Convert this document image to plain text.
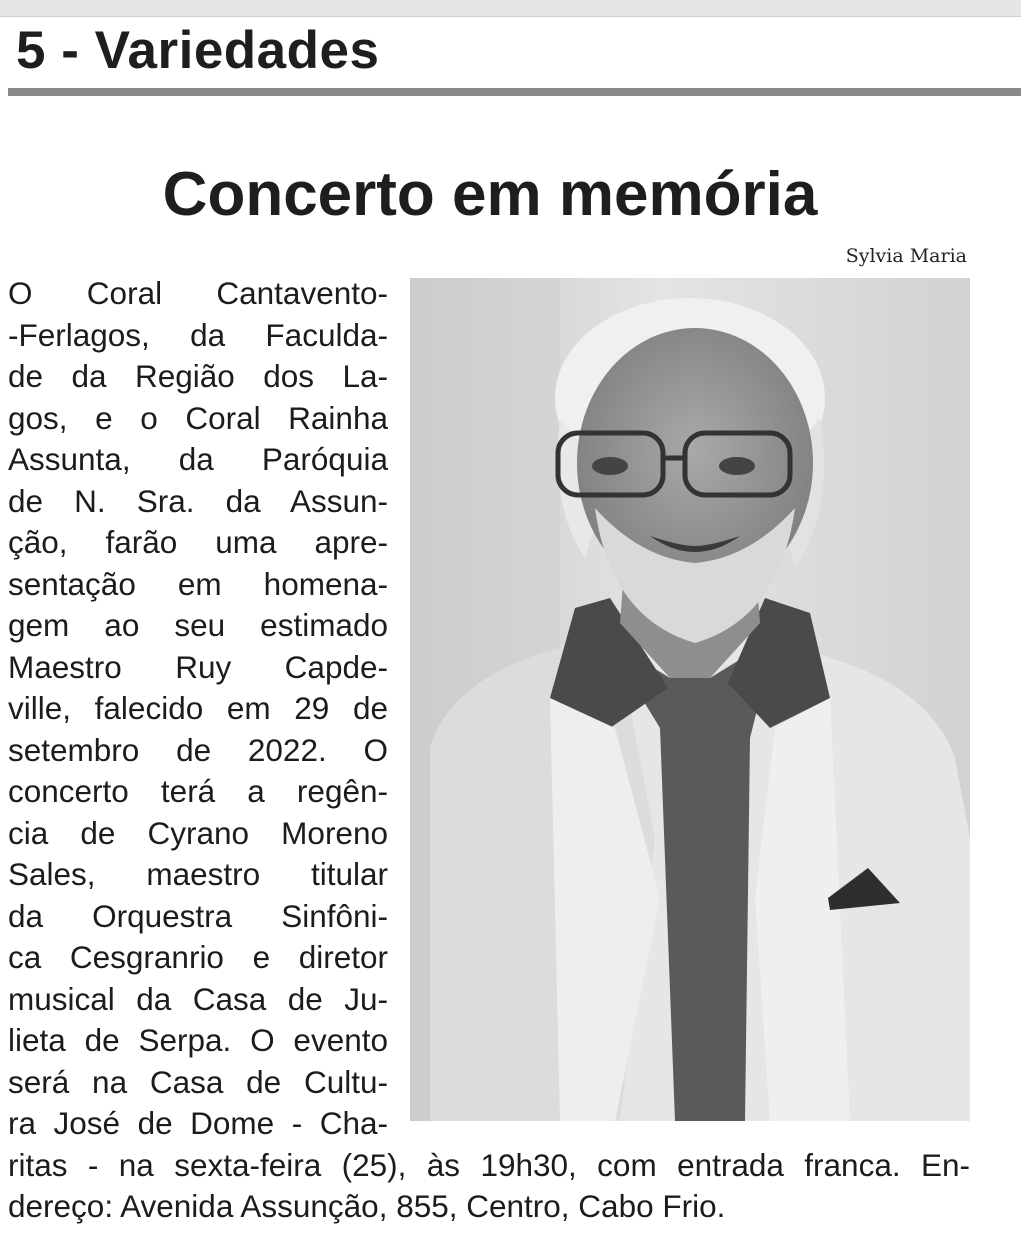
5 - Variedades
Concerto em memória
Sylvia Maria
O Coral Cantavento-
-Ferlagos, da Faculda-
de da Região dos La-
gos, e o Coral Rainha
Assunta, da Paróquia
de N. Sra. da Assun-
ção, farão uma apre-
sentação em homena-
gem ao seu estimado
Maestro Ruy Capde-
ville, falecido em 29 de
setembro de 2022. O
concerto terá a regên-
cia de Cyrano Moreno
Sales, maestro titular
da Orquestra Sinfôni-
ca Cesgranrio e diretor
musical da Casa de Ju-
lieta de Serpa. O evento
será na Casa de Cultu-
ra José de Dome - Cha-
ritas - na sexta-feira (25), às 19h30, com entrada franca. En-
dereço: Avenida Assunção, 855, Centro, Cabo Frio.
